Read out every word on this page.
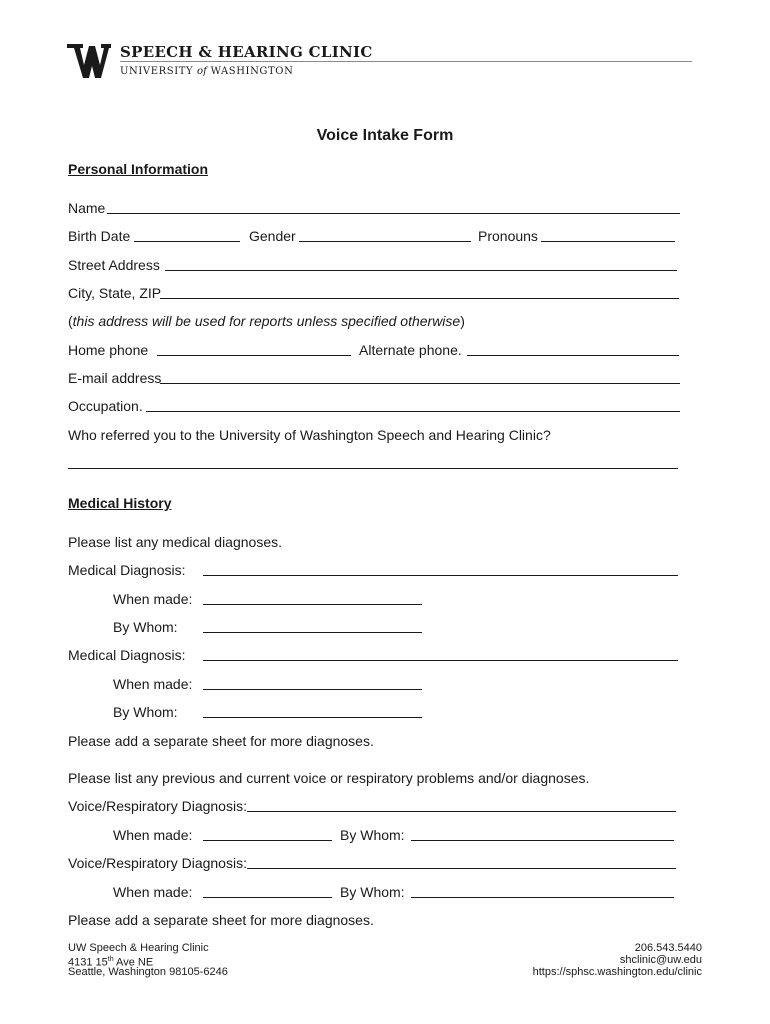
SPEECH & HEARING CLINIC
UNIVERSITY of WASHINGTON
Voice Intake Form
Personal Information
Name
Birth Date	Gender	Pronouns
Street Address
City, State, ZIP
(this address will be used for reports unless specified otherwise)
Home phone	Alternate phone.
E-mail address
Occupation.
Who referred you to the University of Washington Speech and Hearing Clinic?
Medical History
Please list any medical diagnoses.
Medical Diagnosis:
When made:
By Whom:
Medical Diagnosis:
When made:
By Whom:
Please add a separate sheet for more diagnoses.
Please list any previous and current voice or respiratory problems and/or diagnoses.
Voice/Respiratory Diagnosis:
When made:	By Whom:
Voice/Respiratory Diagnosis:
When made:	By Whom:
Please add a separate sheet for more diagnoses.
UW Speech & Hearing Clinic
4131 15th Ave NE
Seattle, Washington 98105-6246
206.543.5440
shclinic@uw.edu
https://sphsc.washington.edu/clinic
